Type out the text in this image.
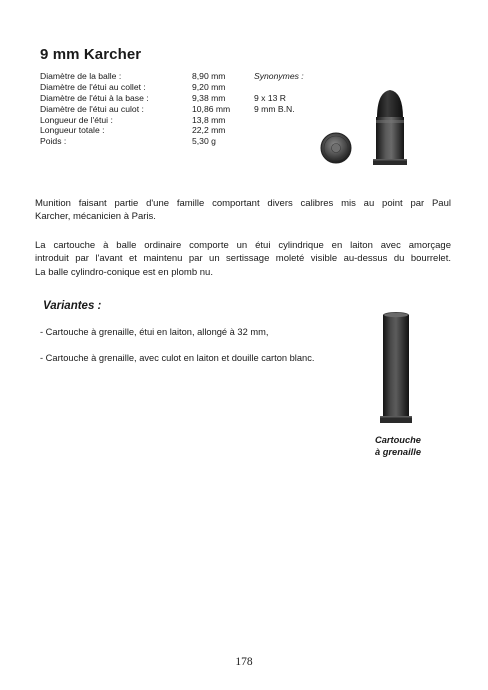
9 mm Karcher
Diamètre de la balle :	8,90 mm
Diamètre de l'étui au collet :	9,20 mm
Diamètre de l'étui à la base :	9,38 mm
Diamètre de l'étui au culot :	10,86 mm
Longueur de l'étui :	13,8 mm
Longueur totale :	22,2 mm
Poids :	5,30 g
Synonymes :
9 x 13 R
9 mm B.N.
Munition faisant partie d'une famille comportant divers calibres mis au point par Paul
Karcher, mécanicien à Paris.
La cartouche à balle ordinaire comporte un étui cylindrique en laiton avec amorçage
introduit par l'avant et maintenu par un sertissage moleté visible au-dessus du bourrelet.
La balle cylindro-conique est en plomb nu.
Variantes :
- Cartouche à grenaille, étui en laiton, allongé à 32 mm,
- Cartouche à grenaille, avec culot en laiton et douille carton blanc.
Cartouche
à grenaille
178
